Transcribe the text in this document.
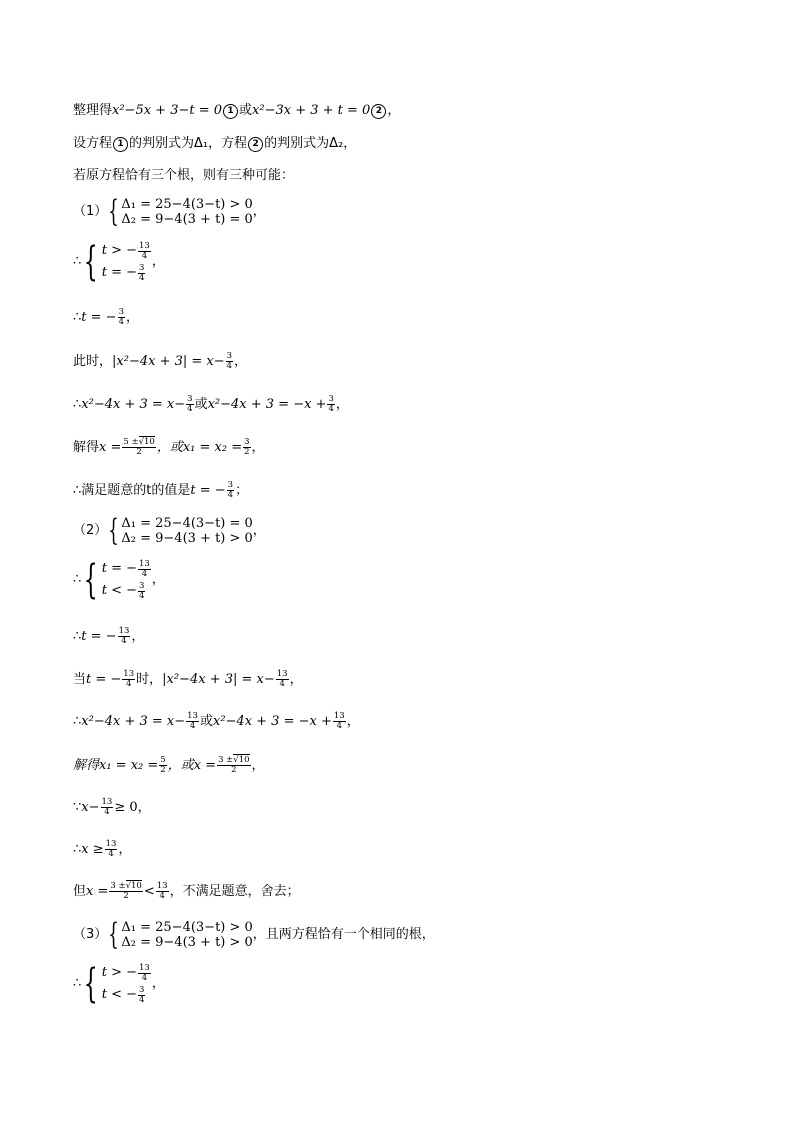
整理得 x²−5x + 3−t = 0 1 或 x²−3x + 3 + t = 0 2 ，
设方程 1 的判别式为Δ₁，方程 2 的判别式为Δ₂，
若原方程恰有三个根，则有三种可能：
（1） { Δ₁ = 25−4(3−t) > 0
Δ₂ = 9−4(3 + t) = 0
，
∴ { t > − $\frac{13}{4}$
t = − $\frac{3}{4}$
，
∴ t = − $\frac{3}{4}$ ，
此时， $|x^2-4x + 3| = x- \frac{3}{4}$ ，
∴ $x^2-4x + 3 = x- \frac{3}{4}$ 或 $x^2-4x + 3 = -x + \frac{3}{4}$ ，
解得 $x = \frac{5 \pm√10}{2}$ ，或$x_1 = x_2 = \frac{3}{2}$ ，
∴满足题意的t的值是 t = − $\frac{3}{4}$ ；
（2） { Δ₁ = 25−4(3−t) = 0
Δ₂ = 9−4(3 + t) > 0
，
∴ { t = − $\frac{13}{4}$
t < − $\frac{3}{4}$
，
∴ t = − $\frac{13}{4}$ ，
当 t = − $\frac{13}{4}$ 时， $|x^2-4x + 3| = x- \frac{13}{4}$ ，
∴ $x^2-4x + 3 = x- \frac{13}{4}$ 或 $x^2-4x + 3 = -x + \frac{13}{4}$ ，
解得$x_1 = x_2 = \frac{5}{2}$ ，或$x = \frac{3 \pm√10}{2}$ ，
∵ $x- \frac{13}{4} \ge 0$，
∴ $x \ge \frac{13}{4}$ ，
但 $x = \frac{3 \pm√10}{2} < \frac{13}{4}$ ，不满足题意，舍去；
（3） { Δ₁ = 25−4(3−t) > 0
Δ₂ = 9−4(3 + t) > 0
，且两方程恰有一个相同的根，
∴ { t > − $\frac{13}{4}$
t < − $\frac{3}{4}$
，
